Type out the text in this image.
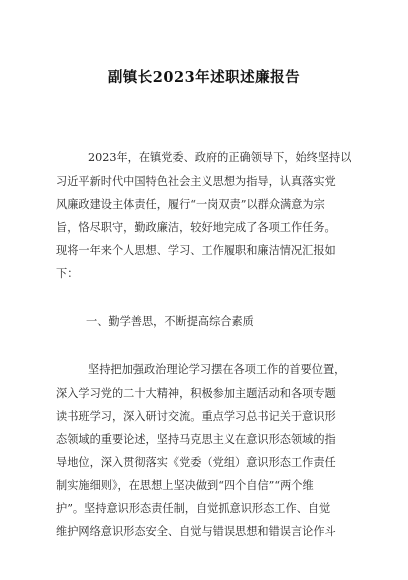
副镇长2023年述职述廉报告
2023年，在镇党委、政府的正确领导下，始终坚持以
习近平新时代中国特色社会主义思想为指导，认真落实党
风廉政建设主体责任，履行“一岗双责”以群众满意为宗
旨，恪尽职守，勤政廉洁，较好地完成了各项工作任务。
现将一年来个人思想、学习、工作履职和廉洁情况汇报如
下：
一、勤学善思，不断提高综合素质
坚持把加强政治理论学习摆在各项工作的首要位置，
深入学习党的二十大精神，积极参加主题活动和各项专题
读书班学习，深入研讨交流。重点学习总书记关于意识形
态领域的重要论述，坚持马克思主义在意识形态领域的指
导地位，深入贯彻落实《党委（党组）意识形态工作责任
制实施细则》，在思想上坚决做到“四个自信”“两个维
护”。坚持意识形态责任制，自觉抓意识形态工作、自觉
维护网络意识形态安全、自觉与错误思想和错误言论作斗
